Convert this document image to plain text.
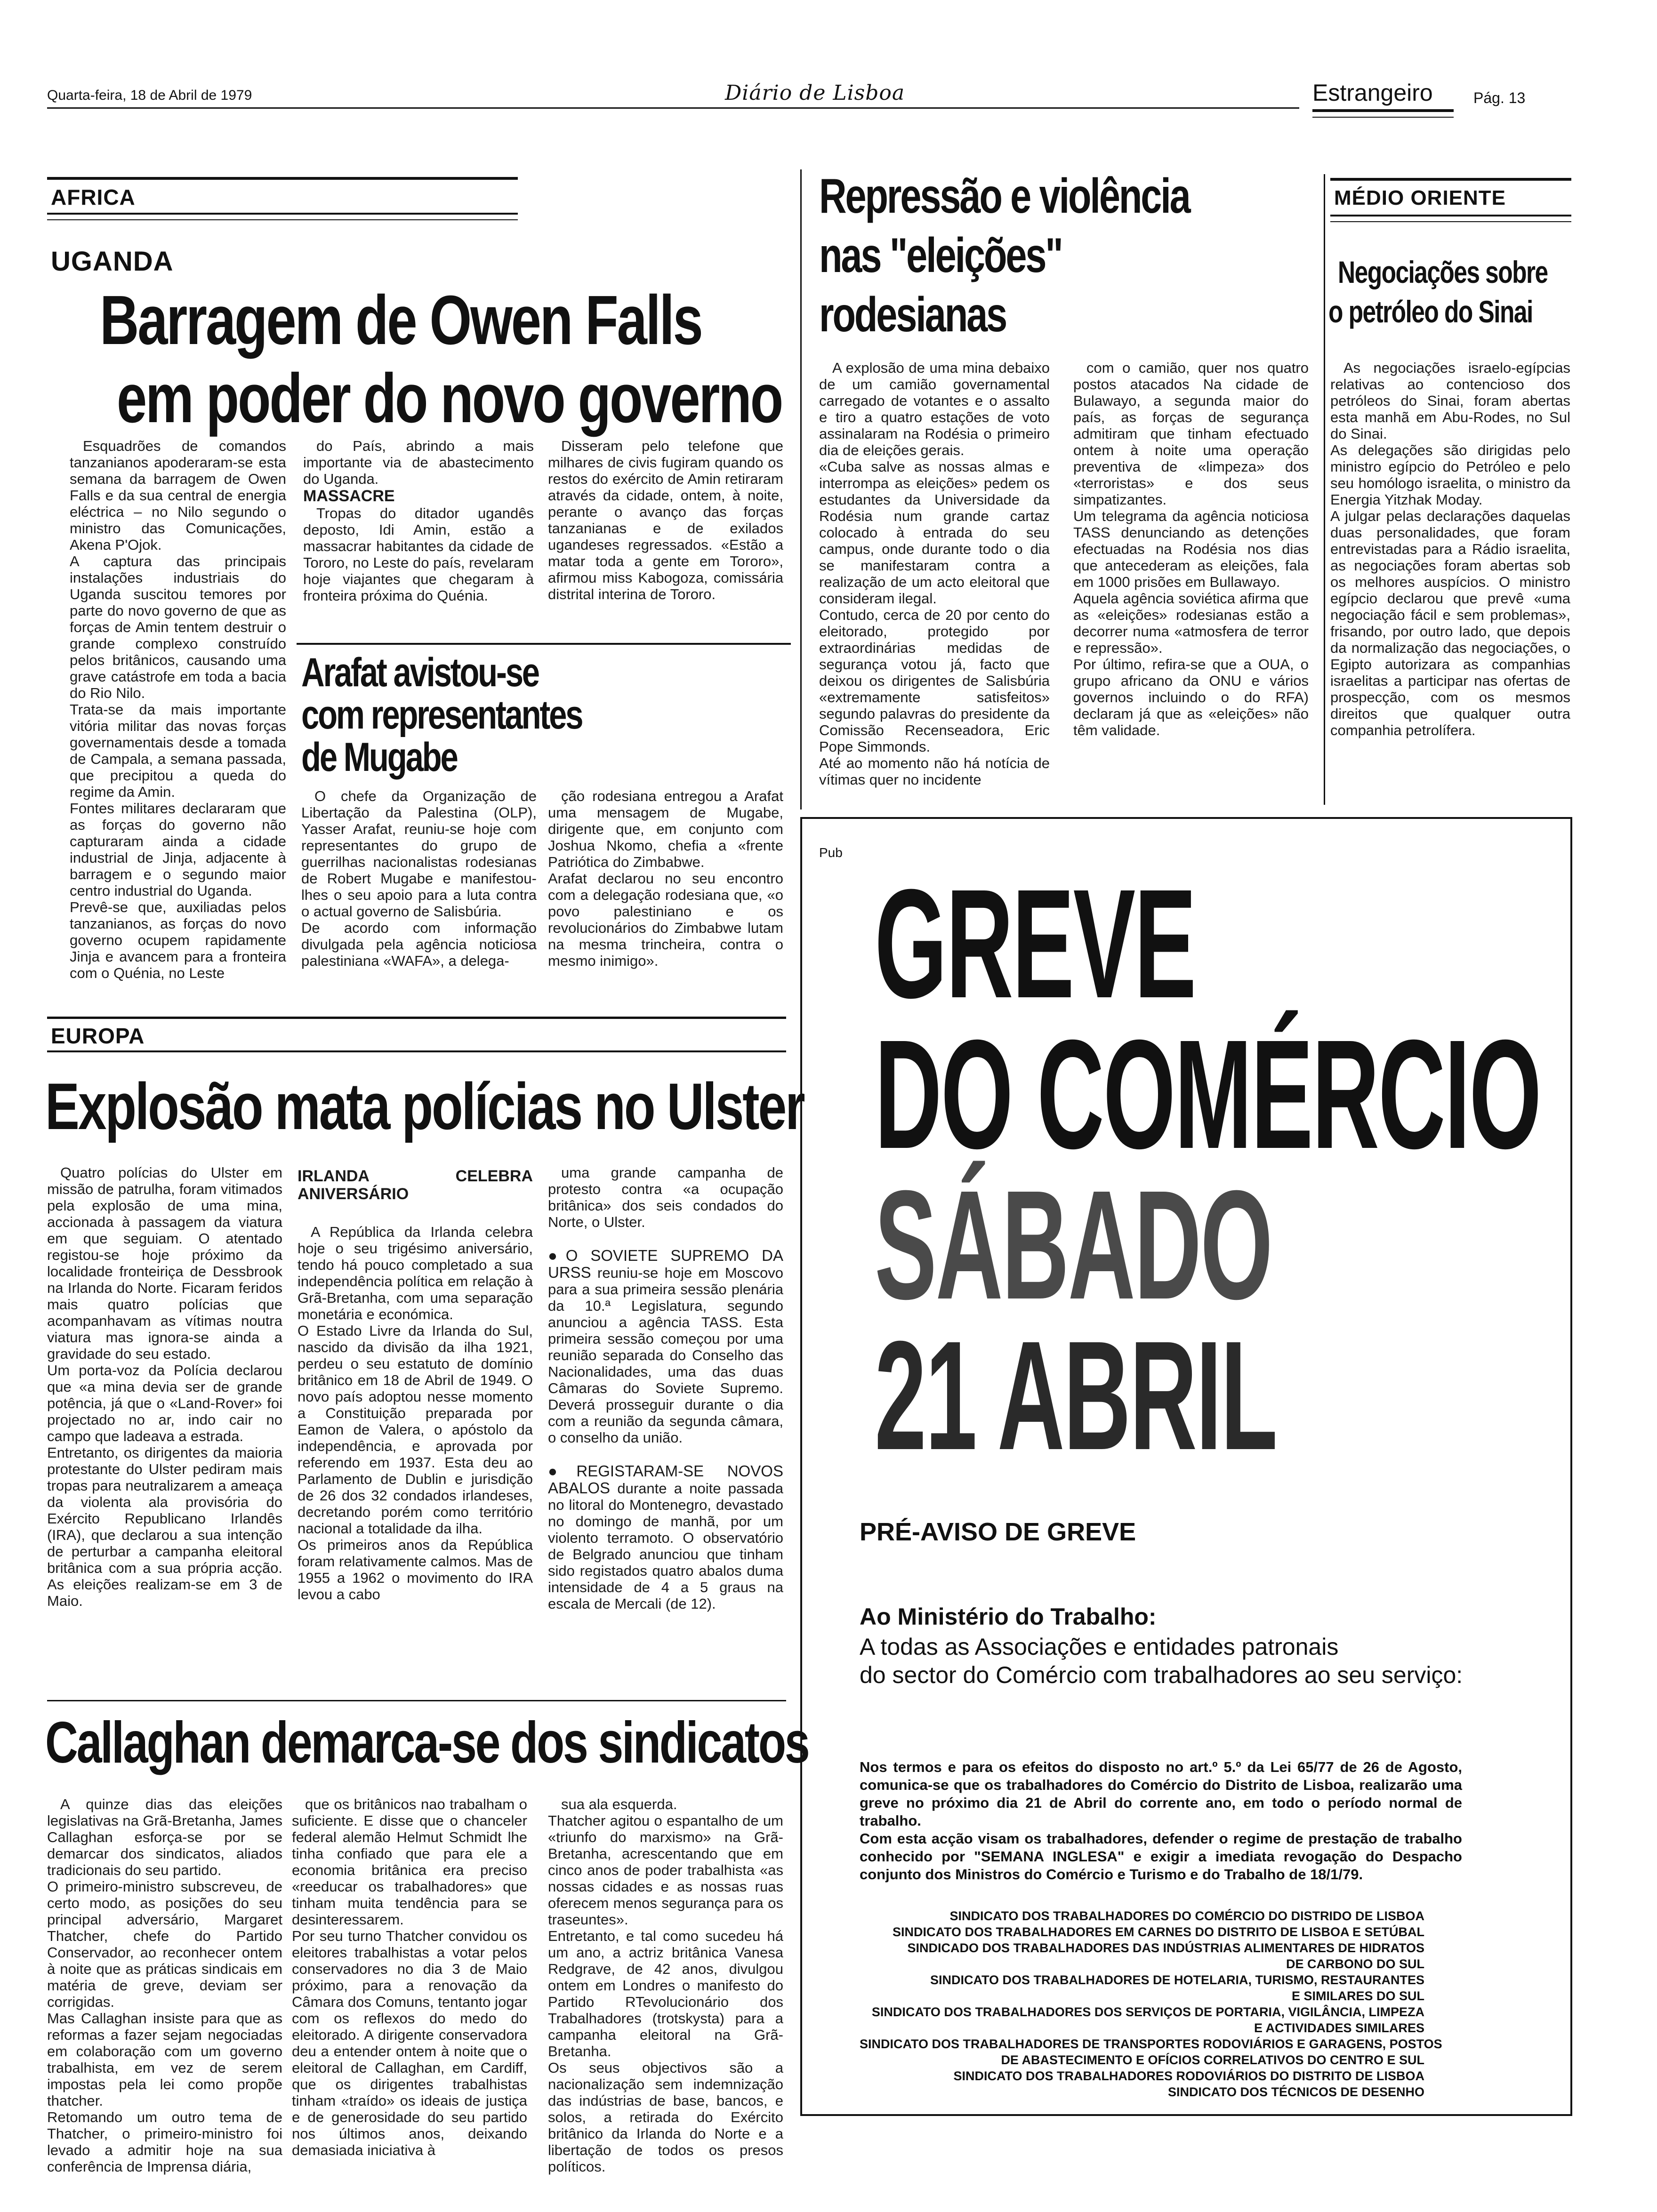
Quarta-feira, 18 de Abril de 1979	Diário de Lisboa	Estrangeiro	Pág. 13
AFRICA
UGANDA
Barragem de Owen Falls
em poder do novo governo

Esquadrões de comandos tanzanianos apoderaram-se esta semana da barragem de Owen Falls e da sua central de energia eléctrica – no Nilo segundo o ministro das Comunicações, Akena P'Ojok.
A captura das principais instalações industriais do Uganda suscitou temores por parte do novo governo de que as forças de Amin tentem destruir o grande complexo construído pelos britânicos, causando uma grave catástrofe em toda a bacia do Rio Nilo.
Trata-se da mais importante vitória militar das novas forças governamentais desde a tomada de Campala, a semana passada, que precipitou a queda do regime da Amin.
Fontes militares declararam que as forças do governo não capturaram ainda a cidade industrial de Jinja, adjacente à barragem e o segundo maior centro industrial do Uganda.
Prevê-se que, auxiliadas pelos tanzanianos, as forças do novo governo ocupem rapidamente Jinja e avancem para a fronteira com o Quénia, no Leste

do País, abrindo a mais importante via de abastecimento do Uganda.

MASSACRE

Tropas do ditador ugandês deposto, Idi Amin, estão a massacrar habitantes da cidade de Tororo, no Leste do país, revelaram hoje viajantes que chegaram à fronteira próxima do Quénia.

Disseram pelo telefone que milhares de civis fugiram quando os restos do exército de Amin retiraram através da cidade, ontem, à noite, perante o avanço das forças tanzanianas e de exilados ugandeses regressados. «Estão a matar toda a gente em Tororo», afirmou miss Kabogoza, comissária distrital interina de Tororo.

Arafat avistou-se
com representantes
de Mugabe

O chefe da Organização de Libertação da Palestina (OLP), Yasser Arafat, reuniu-se hoje com representantes do grupo de guerrilhas nacionalistas rodesianas de Robert Mugabe e manifestou-lhes o seu apoio para a luta contra o actual governo de Salisbúria.
De acordo com informação divulgada pela agência noticiosa palestiniana «WAFA», a delega-

ção rodesiana entregou a Arafat uma mensagem de Mugabe, dirigente que, em conjunto com Joshua Nkomo, chefia a «frente Patriótica do Zimbabwe.
Arafat declarou no seu encontro com a delegação rodesiana que, «o povo palestiniano e os revolucionários do Zimbabwe lutam na mesma trincheira, contra o mesmo inimigo».

Repressão e violência
nas "eleições"
rodesianas

A explosão de uma mina debaixo de um camião governamental carregado de votantes e o assalto e tiro a quatro estações de voto assinalaram na Rodésia o primeiro dia de eleições gerais.
«Cuba salve as nossas almas e interrompa as eleições» pedem os estudantes da Universidade da Rodésia num grande cartaz colocado à entrada do seu campus, onde durante todo o dia se manifestaram contra a realização de um acto eleitoral que consideram ilegal.
Contudo, cerca de 20 por cento do eleitorado, protegido por extraordinárias medidas de segurança votou já, facto que deixou os dirigentes de Salisbúria «extremamente satisfeitos» segundo palavras do presidente da Comissão Recenseadora, Eric Pope Simmonds.
Até ao momento não há notícia de vítimas quer no incidente

com o camião, quer nos quatro postos atacados Na cidade de Bulawayo, a segunda maior do país, as forças de segurança admitiram que tinham efectuado ontem à noite uma operação preventiva de «limpeza» dos «terroristas» e dos seus simpatizantes.
Um telegrama da agência noticiosa TASS denunciando as detenções efectuadas na Rodésia nos dias que antecederam as eleições, fala em 1000 prisões em Bullawayo.
Aquela agência soviética afirma que as «eleições» rodesianas estão a decorrer numa «atmosfera de terror e repressão».
Por último, refira-se que a OUA, o grupo africano da ONU e vários governos incluindo o do RFA) declaram já que as «eleições» não têm validade.

MÉDIO ORIENTE
Negociações sobre
o petróleo do Sinai

As negociações israelo-egípcias relativas ao contencioso dos petróleos do Sinai, foram abertas esta manhã em Abu-Rodes, no Sul do Sinai.
As delegações são dirigidas pelo ministro egípcio do Petróleo e pelo seu homólogo israelita, o ministro da Energia Yitzhak Moday.
A julgar pelas declarações daquelas duas personalidades, que foram entrevistadas para a Rádio israelita, as negociações foram abertas sob os melhores auspícios. O ministro egípcio declarou que prevê «uma negociação fácil e sem problemas», frisando, por outro lado, que depois da normalização das negociações, o Egipto autorizara as companhias israelitas a participar nas ofertas de prospecção, com os mesmos direitos que qualquer outra companhia petrolífera.

EUROPA
Explosão mata polícias no Ulster

Quatro polícias do Ulster em missão de patrulha, foram vitimados pela explosão de uma mina, accionada à passagem da viatura em que seguiam. O atentado registou-se hoje próximo da localidade fronteiriça de Dessbrook na Irlanda do Norte. Ficaram feridos mais quatro polícias que acompanhavam as vítimas noutra viatura mas ignora-se ainda a gravidade do seu estado.
Um porta-voz da Polícia declarou que «a mina devia ser de grande potência, já que o «Land-Rover» foi projectado no ar, indo cair no campo que ladeava a estrada.
Entretanto, os dirigentes da maioria protestante do Ulster pediram mais tropas para neutralizarem a ameaça da violenta ala provisória do Exército Republicano Irlandês (IRA), que declarou a sua intenção de perturbar a campanha eleitoral britânica com a sua própria acção. As eleições realizam-se em 3 de Maio.

IRLANDA CELEBRA ANIVERSÁRIO

A República da Irlanda celebra hoje o seu trigésimo aniversário, tendo há pouco completado a sua independência política em relação à Grã-Bretanha, com uma separação monetária e económica.
O Estado Livre da Irlanda do Sul, nascido da divisão da ilha 1921, perdeu o seu estatuto de domínio britânico em 18 de Abril de 1949. O novo país adoptou nesse momento a Constituição preparada por Eamon de Valera, o apóstolo da independência, e aprovada por referendo em 1937. Esta deu ao Parlamento de Dublin e jurisdição de 26 dos 32 condados irlandeses, decretando porém como território nacional a totalidade da ilha.
Os primeiros anos da República foram relativamente calmos. Mas de 1955 a 1962 o movimento do IRA levou a cabo

uma grande campanha de protesto contra «a ocupação britânica» dos seis condados do Norte, o Ulster.

● O SOVIETE SUPREMO DA URSS reuniu-se hoje em Moscovo para a sua primeira sessão plenária da 10.ª Legislatura, segundo anunciou a agência TASS. Esta primeira sessão começou por uma reunião separada do Conselho das Nacionalidades, uma das duas Câmaras do Soviete Supremo. Deverá prosseguir durante o dia com a reunião da segunda câmara, o conselho da união.

● REGISTARAM-SE NOVOS ABALOS durante a noite passada no litoral do Montenegro, devastado no domingo de manhã, por um violento terramoto. O observatório de Belgrado anunciou que tinham sido registados quatro abalos duma intensidade de 4 a 5 graus na escala de Mercali (de 12).

Callaghan demarca-se dos sindicatos

A quinze dias das eleições legislativas na Grã-Bretanha, James Callaghan esforça-se por se demarcar dos sindicatos, aliados tradicionais do seu partido.
O primeiro-ministro subscreveu, de certo modo, as posições do seu principal adversário, Margaret Thatcher, chefe do Partido Conservador, ao reconhecer ontem à noite que as práticas sindicais em matéria de greve, deviam ser corrigidas.
Mas Callaghan insiste para que as reformas a fazer sejam negociadas em colaboração com um governo trabalhista, em vez de serem impostas pela lei como propõe thatcher.
Retomando um outro tema de Thatcher, o primeiro-ministro foi levado a admitir hoje na sua conferência de Imprensa diária,

que os britânicos nao trabalham o suficiente. E disse que o chanceler federal alemão Helmut Schmidt lhe tinha confiado que para ele a economia britânica era preciso «reeducar os trabalhadores» que tinham muita tendência para se desinteressarem.
Por seu turno Thatcher convidou os eleitores trabalhistas a votar pelos conservadores no dia 3 de Maio próximo, para a renovação da Câmara dos Comuns, tentanto jogar com os reflexos do medo do eleitorado. A dirigente conservadora deu a entender ontem à noite que o eleitoral de Callaghan, em Cardiff, que os dirigentes trabalhistas tinham «traído» os ideais de justiça e de generosidade do seu partido nos últimos anos, deixando demasiada iniciativa à

sua ala esquerda.
Thatcher agitou o espantalho de um «triunfo do marxismo» na Grã-Bretanha, acrescentando que em cinco anos de poder trabalhista «as nossas cidades e as nossas ruas oferecem menos segurança para os traseuntes».
Entretanto, e tal como sucedeu há um ano, a actriz britânica Vanesa Redgrave, de 42 anos, divulgou ontem em Londres o manifesto do Partido RTevolucionário dos Trabalhadores (trotskysta) para a campanha eleitoral na Grã-Bretanha.
Os seus objectivos são a nacionalização sem indemnização das indústrias de base, bancos, e solos, a retirada do Exército britânico da Irlanda do Norte e a libertação de todos os presos políticos.

Pub
GREVE
DO COMÉRCIO
SÁBADO
21 ABRIL
PRÉ-AVISO DE GREVE
Ao Ministério do Trabalho:
A todas as Associações e entidades patronais
do sector do Comércio com trabalhadores ao seu serviço:
Nos termos e para os efeitos do disposto no art.º 5.º da Lei 65/77 de 26 de Agosto, comunica-se que os trabalhadores do Comércio do Distrito de Lisboa, realizarão uma greve no próximo dia 21 de Abril do corrente ano, em todo o período normal de trabalho.
Com esta acção visam os trabalhadores, defender o regime de prestação de trabalho conhecido por "SEMANA INGLESA" e exigir a imediata revogação do Despacho conjunto dos Ministros do Comércio e Turismo e do Trabalho de 18/1/79.
SINDICATO DOS TRABALHADORES DO COMÉRCIO DO DISTRIDO DE LISBOA
SINDICATO DOS TRABALHADORES EM CARNES DO DISTRITO DE LISBOA E SETÚBAL
SINDICADO DOS TRABALHADORES DAS INDÚSTRIAS ALIMENTARES DE HIDRATOS
DE CARBONO DO SUL
SINDICATO DOS TRABALHADORES DE HOTELARIA, TURISMO, RESTAURANTES
E SIMILARES DO SUL
SINDICATO DOS TRABALHADORES DOS SERVIÇOS DE PORTARIA, VIGILÂNCIA, LIMPEZA
E ACTIVIDADES SIMILARES
SINDICATO DOS TRABALHADORES DE TRANSPORTES RODOVIÁRIOS E GARAGENS, POSTOS
DE ABASTECIMENTO E OFÍCIOS CORRELATIVOS DO CENTRO E SUL
SINDICATO DOS TRABALHADORES RODOVIÁRIOS DO DISTRITO DE LISBOA
SINDICATO DOS TÉCNICOS DE DESENHO
